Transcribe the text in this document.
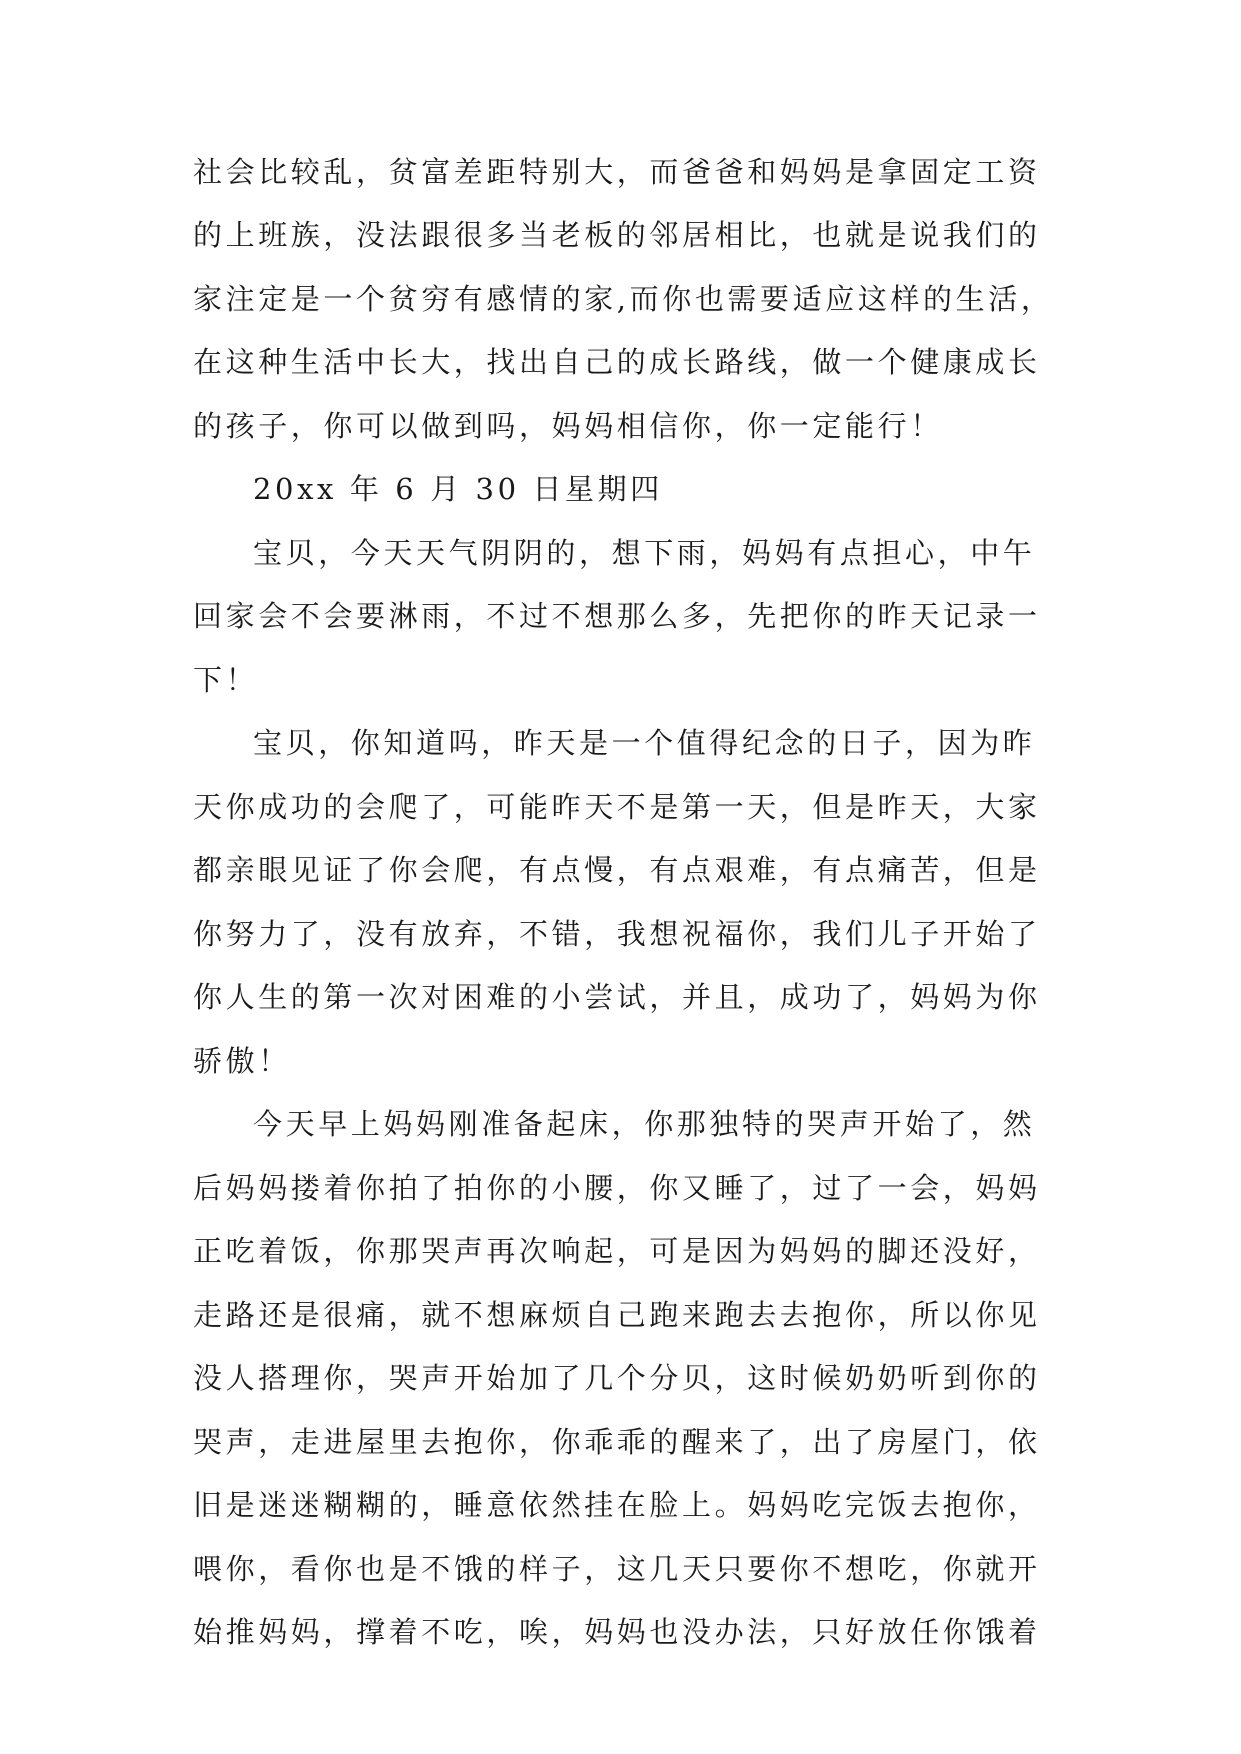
社会比较乱，贫富差距特别大，而爸爸和妈妈是拿固定工资
的上班族，没法跟很多当老板的邻居相比，也就是说我们的
家注定是一个贫穷有感情的家,而你也需要适应这样的生活，
在这种生活中长大，找出自己的成长路线，做一个健康成长
的孩子，你可以做到吗，妈妈相信你，你一定能行！
20xx 年 6 月 30 日星期四
宝贝，今天天气阴阴的，想下雨，妈妈有点担心，中午
回家会不会要淋雨，不过不想那么多，先把你的昨天记录一
下！
宝贝，你知道吗，昨天是一个值得纪念的日子，因为昨
天你成功的会爬了，可能昨天不是第一天，但是昨天，大家
都亲眼见证了你会爬，有点慢，有点艰难，有点痛苦，但是
你努力了，没有放弃，不错，我想祝福你，我们儿子开始了
你人生的第一次对困难的小尝试，并且，成功了，妈妈为你
骄傲！
今天早上妈妈刚准备起床，你那独特的哭声开始了，然
后妈妈搂着你拍了拍你的小腰，你又睡了，过了一会，妈妈
正吃着饭，你那哭声再次响起，可是因为妈妈的脚还没好，
走路还是很痛，就不想麻烦自己跑来跑去去抱你，所以你见
没人搭理你，哭声开始加了几个分贝，这时候奶奶听到你的
哭声，走进屋里去抱你，你乖乖的醒来了，出了房屋门，依
旧是迷迷糊糊的，睡意依然挂在脸上。妈妈吃完饭去抱你，
喂你，看你也是不饿的样子，这几天只要你不想吃，你就开
始推妈妈，撑着不吃，唉，妈妈也没办法，只好放任你饿着
